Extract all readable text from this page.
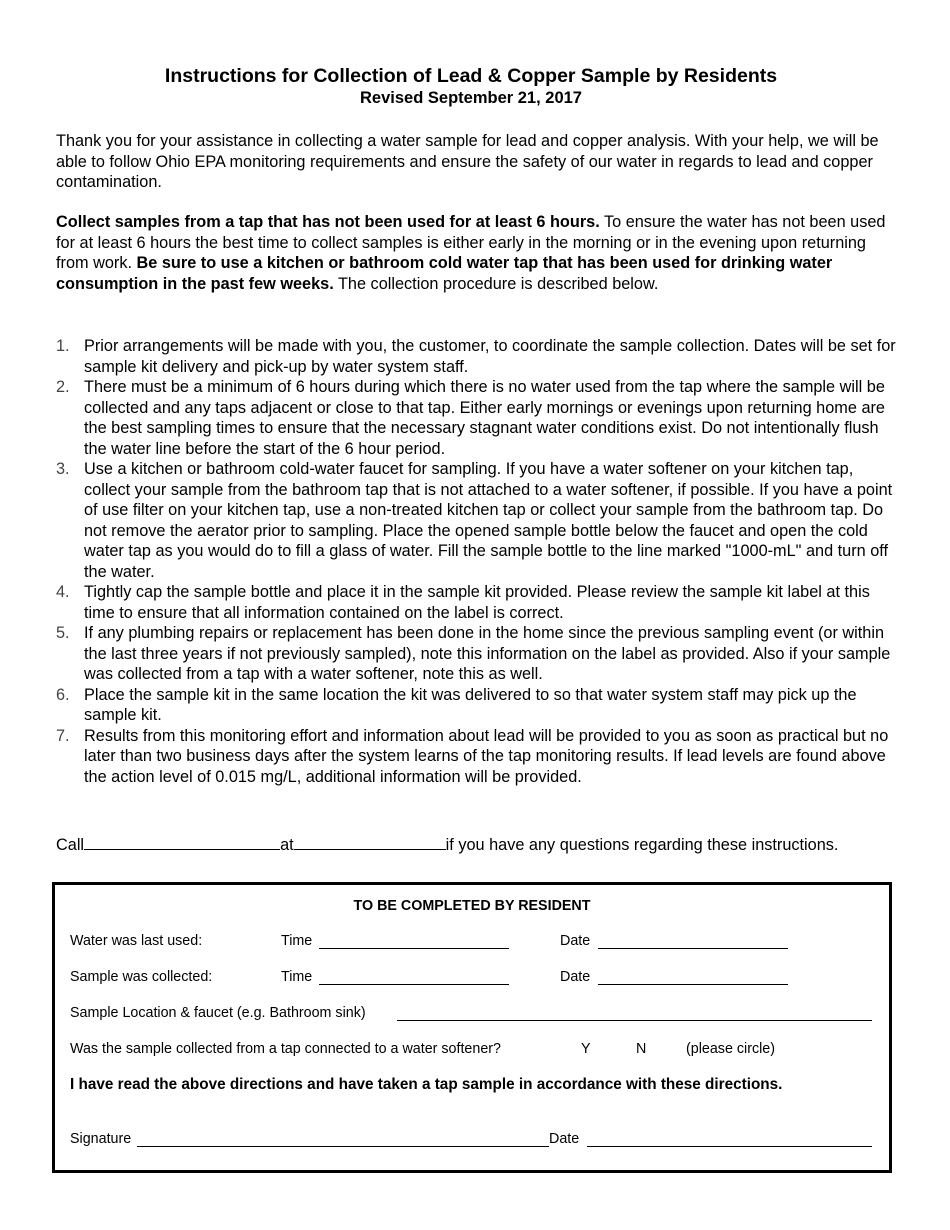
Instructions for Collection of Lead & Copper Sample by Residents
Revised September 21, 2017

Thank you for your assistance in collecting a water sample for lead and copper analysis. With your help, we will be able to follow Ohio EPA monitoring requirements and ensure the safety of our water in regards to lead and copper contamination.

Collect samples from a tap that has not been used for at least 6 hours. To ensure the water has not been used for at least 6 hours the best time to collect samples is either early in the morning or in the evening upon returning from work. Be sure to use a kitchen or bathroom cold water tap that has been used for drinking water consumption in the past few weeks. The collection procedure is described below.

1. Prior arrangements will be made with you, the customer, to coordinate the sample collection. Dates will be set for sample kit delivery and pick-up by water system staff.
2. There must be a minimum of 6 hours during which there is no water used from the tap where the sample will be collected and any taps adjacent or close to that tap. Either early mornings or evenings upon returning home are the best sampling times to ensure that the necessary stagnant water conditions exist. Do not intentionally flush the water line before the start of the 6 hour period.
3. Use a kitchen or bathroom cold-water faucet for sampling. If you have a water softener on your kitchen tap, collect your sample from the bathroom tap that is not attached to a water softener, if possible. If you have a point of use filter on your kitchen tap, use a non-treated kitchen tap or collect your sample from the bathroom tap. Do not remove the aerator prior to sampling. Place the opened sample bottle below the faucet and open the cold water tap as you would do to fill a glass of water. Fill the sample bottle to the line marked "1000-mL" and turn off the water.
4. Tightly cap the sample bottle and place it in the sample kit provided. Please review the sample kit label at this time to ensure that all information contained on the label is correct.
5. If any plumbing repairs or replacement has been done in the home since the previous sampling event (or within the last three years if not previously sampled), note this information on the label as provided. Also if your sample was collected from a tap with a water softener, note this as well.
6. Place the sample kit in the same location the kit was delivered to so that water system staff may pick up the sample kit.
7. Results from this monitoring effort and information about lead will be provided to you as soon as practical but no later than two business days after the system learns of the tap monitoring results. If lead levels are found above the action level of 0.015 mg/L, additional information will be provided.
Call	at	if you have any questions regarding these instructions.
TO BE COMPLETED BY RESIDENT
Water was last used:	Time	Date
Sample was collected:	Time	Date
Sample Location & faucet (e.g. Bathroom sink)
Was the sample collected from a tap connected to a water softener?	Y	N	(please circle)
I have read the above directions and have taken a tap sample in accordance with these directions.
Signature	Date
